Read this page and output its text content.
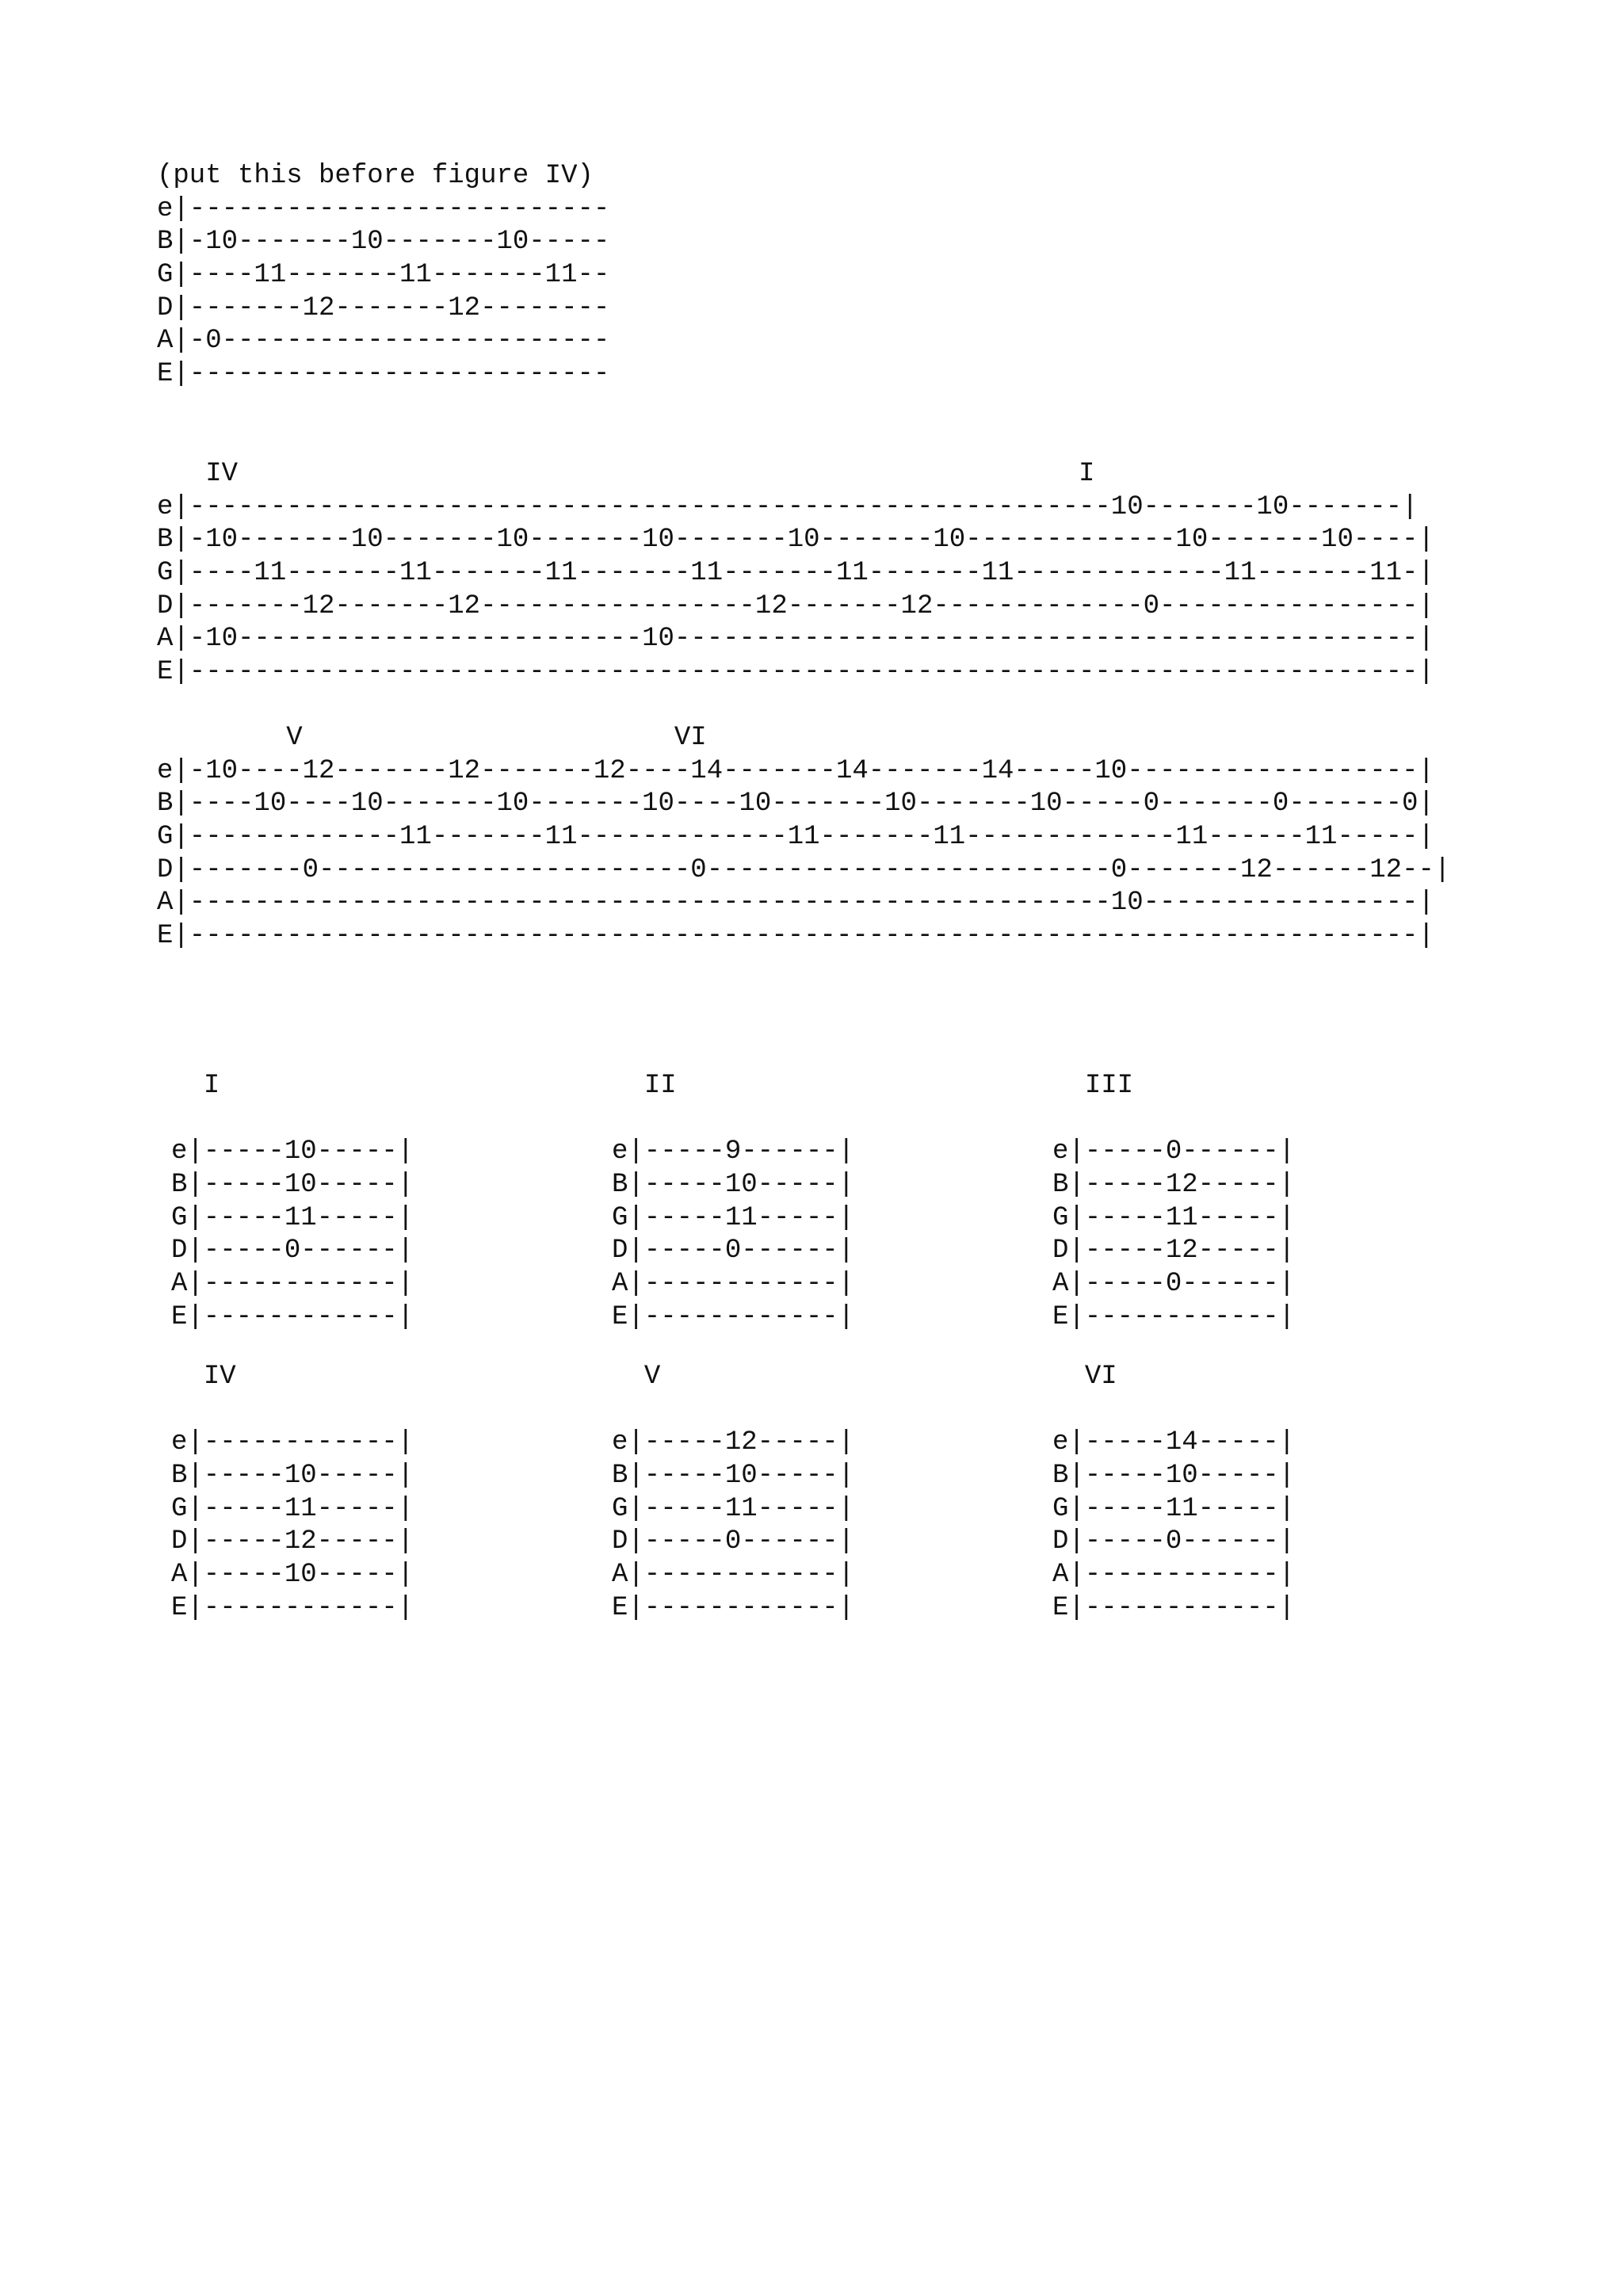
(put this before figure IV)
e|--------------------------
B|-10-------10-------10-----
G|----11-------11-------11--
D|-------12-------12--------
A|-0------------------------
E|--------------------------
IV                                                    I
e|---------------------------------------------------------10-------10-------|
B|-10-------10-------10-------10-------10-------10-------------10-------10----|
G|----11-------11-------11-------11-------11-------11-------------11-------11-|
D|-------12-------12-----------------12-------12-------------0----------------|
A|-10-------------------------10----------------------------------------------|
E|----------------------------------------------------------------------------|
V                       VI
e|-10----12-------12-------12----14-------14-------14-----10------------------|
B|----10----10-------10-------10----10-------10-------10-----0-------0-------0|
G|-------------11-------11-------------11-------11-------------11------11-----|
D|-------0-----------------------0-------------------------0-------12------12--|
A|---------------------------------------------------------10-----------------|
E|----------------------------------------------------------------------------|
I
e|-----10-----|
B|-----10-----|
G|-----11-----|
D|-----0------|
A|------------|
E|------------|
II
e|-----9------|
B|-----10-----|
G|-----11-----|
D|-----0------|
A|------------|
E|------------|
III
e|-----0------|
B|-----12-----|
G|-----11-----|
D|-----12-----|
A|-----0------|
E|------------|
IV
e|------------|
B|-----10-----|
G|-----11-----|
D|-----12-----|
A|-----10-----|
E|------------|
V
e|-----12-----|
B|-----10-----|
G|-----11-----|
D|-----0------|
A|------------|
E|------------|
VI
e|-----14-----|
B|-----10-----|
G|-----11-----|
D|-----0------|
A|------------|
E|------------|
